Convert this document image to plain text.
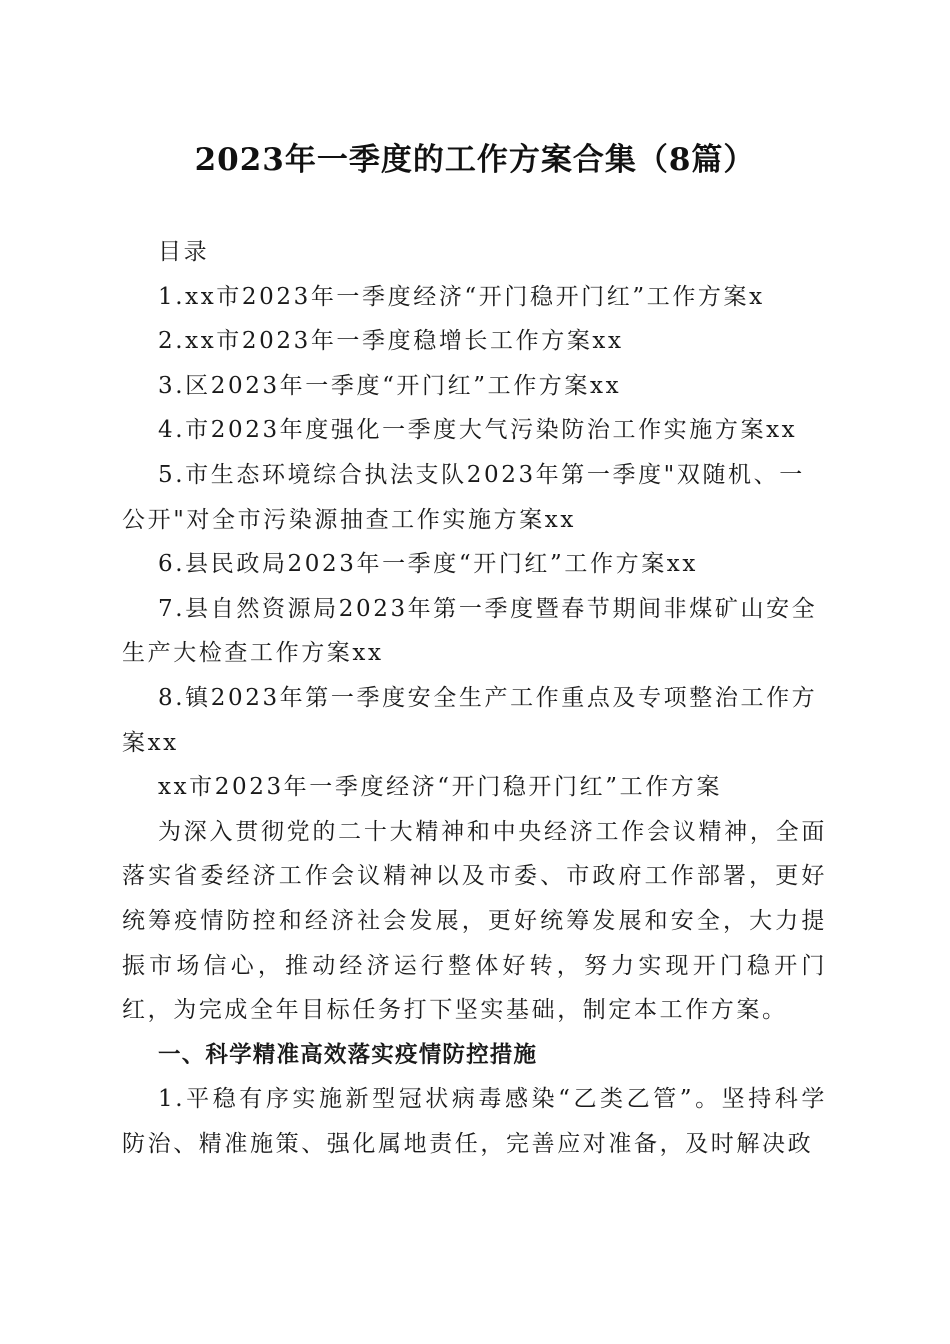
2023年一季度的工作方案合集（8篇）
目录
1.xx市2023年一季度经济“开门稳开门红”工作方案x
2.xx市2023年一季度稳增长工作方案xx
3.区2023年一季度“开门红”工作方案xx
4.市2023年度强化一季度大气污染防治工作实施方案xx
5.市生态环境综合执法支队2023年第一季度"双随机、一公开"对全市污染源抽查工作实施方案xx
6.县民政局2023年一季度“开门红”工作方案xx
7.县自然资源局2023年第一季度暨春节期间非煤矿山安全生产大检查工作方案xx
8.镇2023年第一季度安全生产工作重点及专项整治工作方案xx
xx市2023年一季度经济“开门稳开门红”工作方案
为深入贯彻党的二十大精神和中央经济工作会议精神，全面落实省委经济工作会议精神以及市委、市政府工作部署，更好统筹疫情防控和经济社会发展，更好统筹发展和安全，大力提振市场信心，推动经济运行整体好转，努力实现开门稳开门红，为完成全年目标任务打下坚实基础，制定本工作方案。
一、科学精准高效落实疫情防控措施
1.平稳有序实施新型冠状病毒感染“乙类乙管”。坚持科学防治、精准施策、强化属地责任，完善应对准备，及时解决政
